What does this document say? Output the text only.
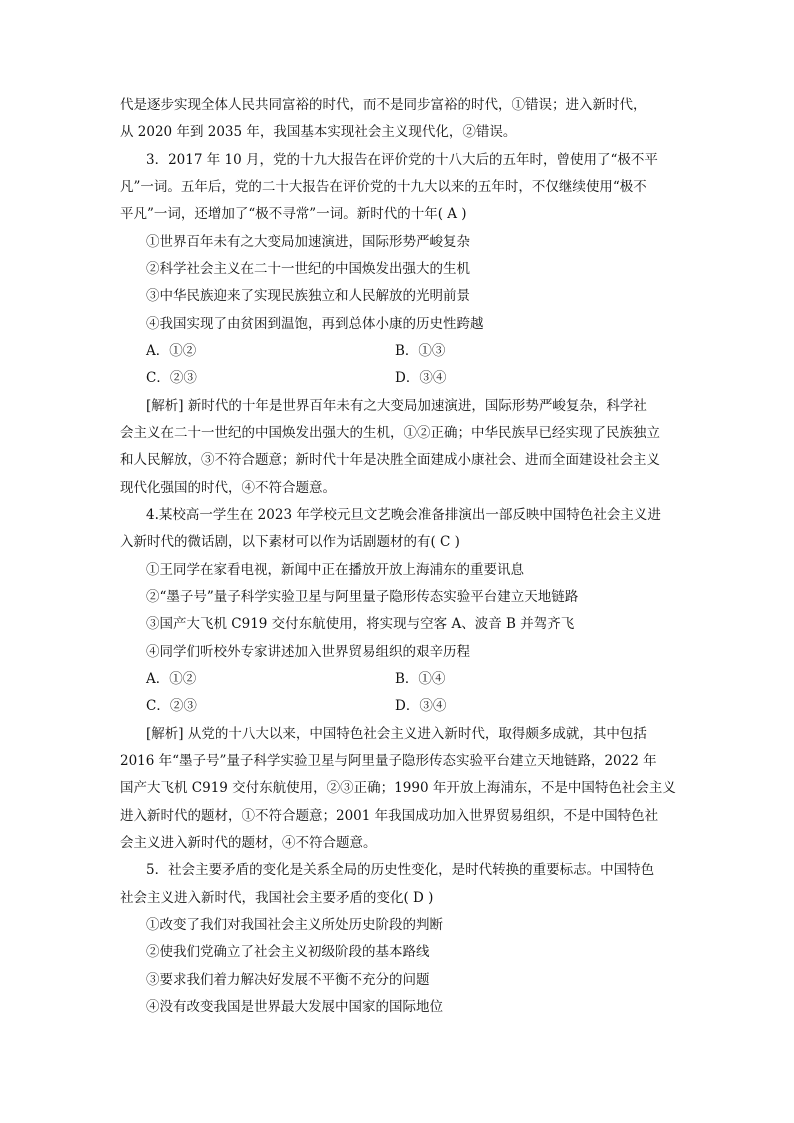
代是逐步实现全体人民共同富裕的时代，而不是同步富裕的时代，①错误；进入新时代，
从 2020 年到 2035 年，我国基本实现社会主义现代化，②错误。
3．2017 年 10 月，党的十九大报告在评价党的十八大后的五年时，曾使用了“极不平
凡”一词。五年后，党的二十大报告在评价党的十九大以来的五年时，不仅继续使用“极不
平凡”一词，还增加了“极不寻常”一词。新时代的十年( A )
①世界百年未有之大变局加速演进，国际形势严峻复杂
②科学社会主义在二十一世纪的中国焕发出强大的生机
③中华民族迎来了实现民族独立和人民解放的光明前景
④我国实现了由贫困到温饱，再到总体小康的历史性跨越
A．①②	B．①③
C．②③	D．③④
[解析] 新时代的十年是世界百年未有之大变局加速演进，国际形势严峻复杂，科学社
会主义在二十一世纪的中国焕发出强大的生机，①②正确；中华民族早已经实现了民族独立
和人民解放，③不符合题意；新时代十年是决胜全面建成小康社会、进而全面建设社会主义
现代化强国的时代，④不符合题意。
4.某校高一学生在 2023 年学校元旦文艺晚会准备排演出一部反映中国特色社会主义进
入新时代的微话剧，以下素材可以作为话剧题材的有( C )
①王同学在家看电视，新闻中正在播放开放上海浦东的重要讯息
②“墨子号”量子科学实验卫星与阿里量子隐形传态实验平台建立天地链路
③国产大飞机 C919 交付东航使用，将实现与空客 A、波音 B 并驾齐飞
④同学们听校外专家讲述加入世界贸易组织的艰辛历程
A．①②	B．①④
C．②③	D．③④
[解析] 从党的十八大以来，中国特色社会主义进入新时代，取得颇多成就，其中包括
2016 年“墨子号”量子科学实验卫星与阿里量子隐形传态实验平台建立天地链路，2022 年
国产大飞机 C919 交付东航使用，②③正确；1990 年开放上海浦东，不是中国特色社会主义
进入新时代的题材，①不符合题意；2001 年我国成功加入世界贸易组织，不是中国特色社
会主义进入新时代的题材，④不符合题意。
5．社会主要矛盾的变化是关系全局的历史性变化，是时代转换的重要标志。中国特色
社会主义进入新时代，我国社会主要矛盾的变化( D )
①改变了我们对我国社会主义所处历史阶段的判断
②使我们党确立了社会主义初级阶段的基本路线
③要求我们着力解决好发展不平衡不充分的问题
④没有改变我国是世界最大发展中国家的国际地位
